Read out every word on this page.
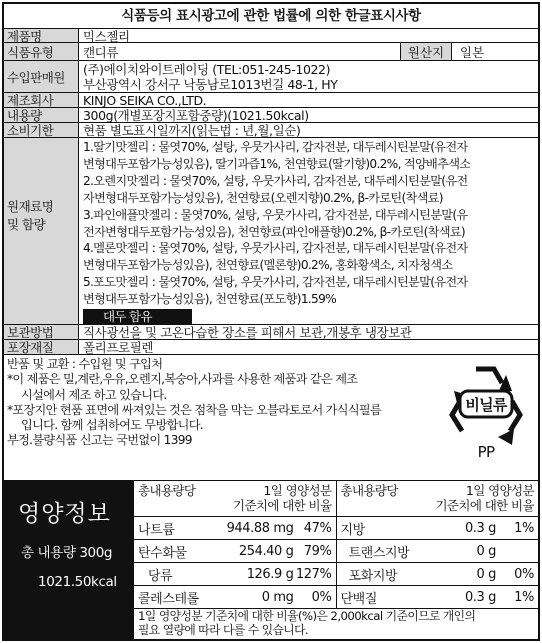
식품등의 표시광고에 관한 법률에 의한 한글표시사항
제품명	믹스젤리
식품유형	캔디류	원산지	일본
수입판매원	(주)에이치와이트레이딩 (TEL:051-245-1022)
부산광역시 강서구 낙동남로1013번길 48-1, HY
제조회사	KINJO SEIKA CO.,LTD.
내용량	300g(개별포장지포함중량)(1021.50kcal)
소비기한	현품 별도표시일까지(읽는법 : 년,월,일순)
원재료명
및 함량
1.딸기맛젤리 : 물엿70%, 설탕, 우뭇가사리, 감자전분, 대두레시틴분말(유전자
변형대두포함가능성있음), 딸기과즙1%, 천연향료(딸기향)0.2%, 적양배추색소
2.오렌지맛젤리 : 물엿70%, 설탕, 우뭇가사리, 감자전분, 대두레시틴분말(유전
자변형대두포함가능성있음), 천연향료(오렌지향)0.2%, β-카로틴(착색료)
3.파인애플맛젤리 : 물엿70%, 설탕, 우뭇가사리, 감자전분, 대두레시틴분말(유
전자변형대두포함가능성있음), 천연향료(파인애플향)0.2%, β-카로틴(착색료)
4.멜론맛젤리 : 물엿70%, 설탕, 우뭇가사리, 감자전분, 대두레시틴분말(유전자
변형대두포함가능성있음), 천연향료(멜론향)0.2%, 홍화황색소, 치자청색소
5.포도맛젤리 : 물엿70%, 설탕, 우뭇가사리, 감자전분, 대두레시틴분말(유전자
변형대두포함가능성있음), 천연향료(포도향)1.59%
대두 함유
보관방법	직사광선을 및 고온다습한 장소를 피해서 보관,개봉후 냉장보관
포장재질	폴리프로필렌
반품 및 교환 : 수입원 및 구입처
*이 제품은 밀,계란,우유,오렌지,복숭아,사과를 사용한 제품과 같은 제조
시설에서 제조 하고 있습니다.
*포장지안 현품 표면에 싸져있는 것은 점착을 막는 오블라토로서 가식식필름
입니다. 함께 섭취하여도 무방합니다.
부정.불량식품 신고는 국번없이 1399
비닐류
PP
영양정보
총 내용량 300g
1021.50kcal
총내용량당	1일 영양성분
기준치에 대한 비율
총내용량당	1일 영양성분
기준치에 대한 비율
나트륨	944.88 mg 47% 지방	0.3 g 1%
탄수화물	254.40 g 79% 트랜스지방	0 g
당류	126.9 g 127% 포화지방	0 g 0%
콜레스테롤	0 mg 0% 단백질	0.3 g 1%
1일 영양성분 기준치에 대한 비율(%)은 2,000kcal 기준이므로 개인의
필요 열량에 따라 다를 수 있습니다.
